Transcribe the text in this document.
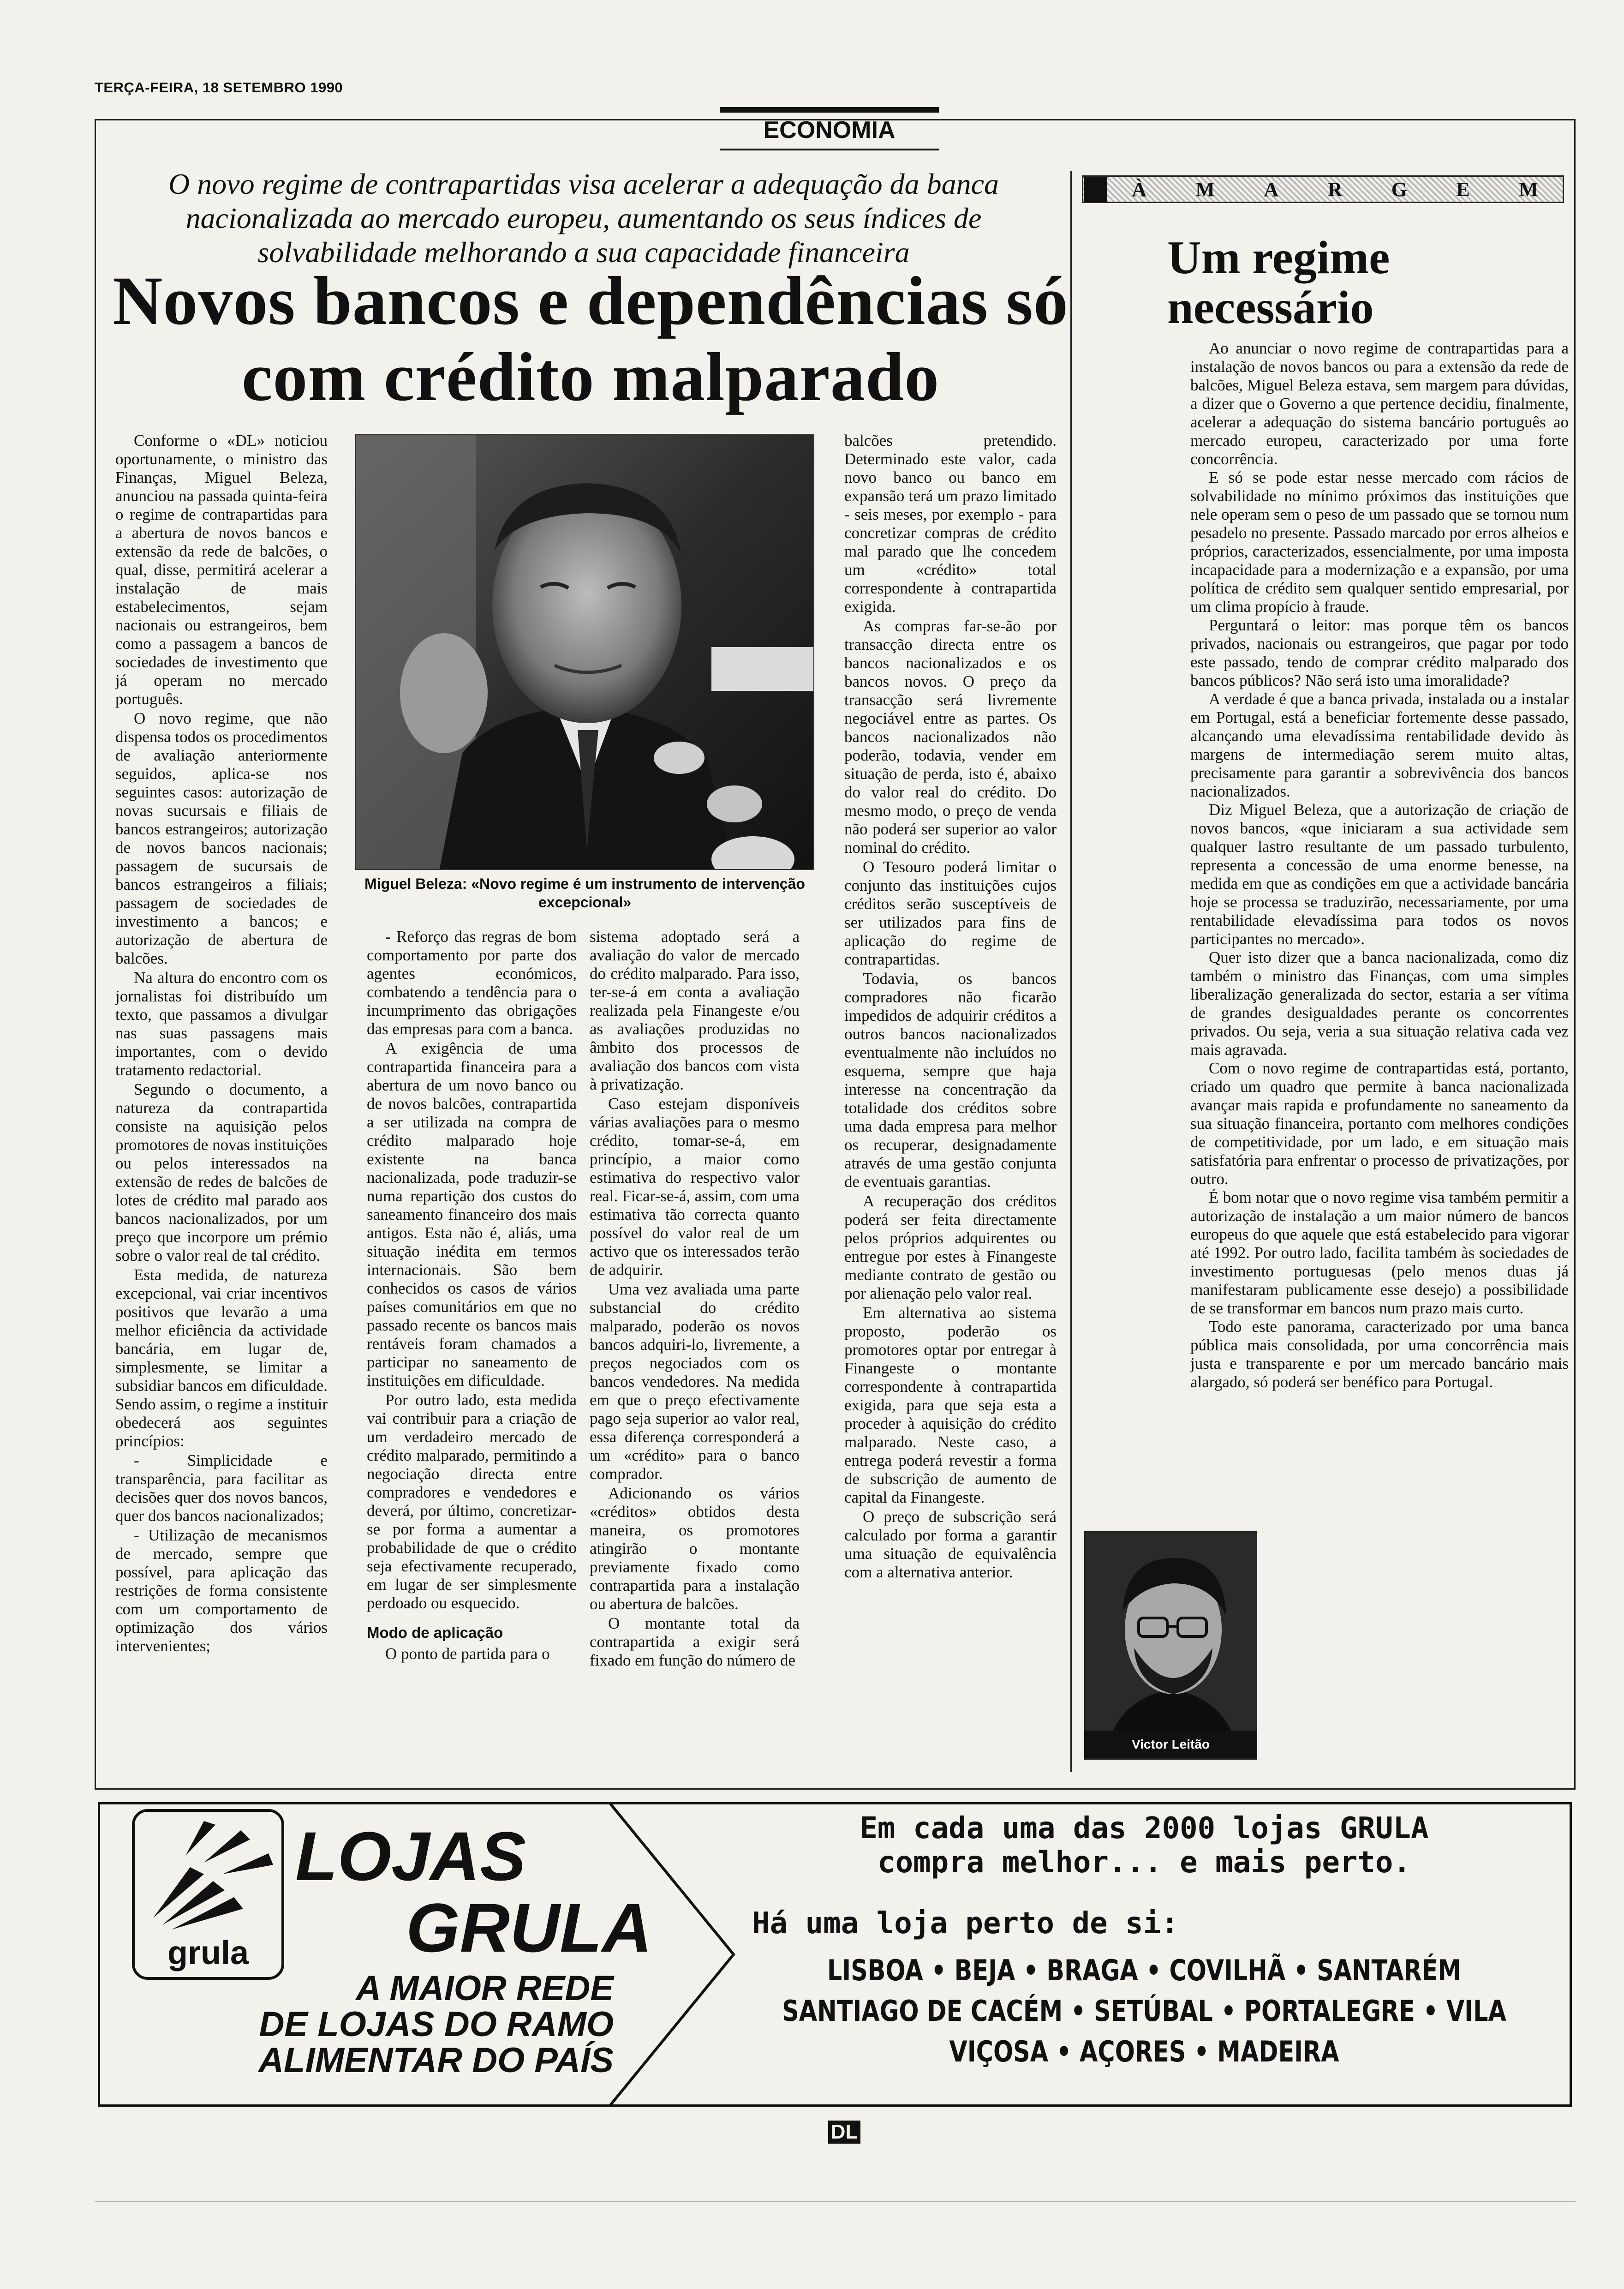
TERÇA-FEIRA, 18 SETEMBRO 1990
ECONOMIA
O novo regime de contrapartidas visa acelerar a adequação da banca nacionalizada ao mercado europeu, aumentando os seus índices de solvabilidade melhorando a sua capacidade financeira
Novos bancos e dependências só com crédito malparado

Conforme o «DL» noticiou oportunamente, o ministro das Finanças, Miguel Beleza, anunciou na passada quinta-feira o regime de contrapartidas para a abertura de novos bancos e extensão da rede de balcões, o qual, disse, permitirá acelerar a instalação de mais estabelecimentos, sejam nacionais ou estrangeiros, bem como a passagem a bancos de sociedades de investimento que já operam no mercado português.

O novo regime, que não dispensa todos os procedimentos de avaliação anteriormente seguidos, aplica-se nos seguintes casos: autorização de novas sucursais e filiais de bancos estrangeiros; autorização de novos bancos nacionais; passagem de sucursais de bancos estrangeiros a filiais; passagem de sociedades de investimento a bancos; e autorização de abertura de balcões.

Na altura do encontro com os jornalistas foi distribuído um texto, que passamos a divulgar nas suas passagens mais importantes, com o devido tratamento redactorial.

Segundo o documento, a natureza da contrapartida consiste na aquisição pelos promotores de novas instituições ou pelos interessados na extensão de redes de balcões de lotes de crédito mal parado aos bancos nacionalizados, por um preço que incorpore um prémio sobre o valor real de tal crédito.

Esta medida, de natureza excepcional, vai criar incentivos positivos que levarão a uma melhor eficiência da actividade bancária, em lugar de, simplesmente, se limitar a subsidiar bancos em dificuldade. Sendo assim, o regime a instituir obedecerá aos seguintes princípios:

- Simplicidade e transparência, para facilitar as decisões quer dos novos bancos, quer dos bancos nacionalizados;

- Utilização de mecanismos de mercado, sempre que possível, para aplicação das restrições de forma consistente com um comportamento de optimização dos vários intervenientes;

Miguel Beleza: «Novo regime é um instrumento de intervenção excepcional»

- Reforço das regras de bom comportamento por parte dos agentes económicos, combatendo a tendência para o incumprimento das obrigações das empresas para com a banca.

A exigência de uma contrapartida financeira para a abertura de um novo banco ou de novos balcões, contrapartida a ser utilizada na compra de crédito malparado hoje existente na banca nacionalizada, pode traduzir-se numa repartição dos custos do saneamento financeiro dos mais antigos. Esta não é, aliás, uma situação inédita em termos internacionais. São bem conhecidos os casos de vários países comunitários em que no passado recente os bancos mais rentáveis foram chamados a participar no saneamento de instituições em dificuldade.

Por outro lado, esta medida vai contribuir para a criação de um verdadeiro mercado de crédito malparado, permitindo a negociação directa entre compradores e vendedores e deverá, por último, concretizar-se por forma a aumentar a probabilidade de que o crédito seja efectivamente recuperado, em lugar de ser simplesmente perdoado ou esquecido.

Modo de aplicação

O ponto de partida para o

sistema adoptado será a avaliação do valor de mercado do crédito malparado. Para isso, ter-se-á em conta a avaliação realizada pela Finangeste e/ou as avaliações produzidas no âmbito dos processos de avaliação dos bancos com vista à privatização.

Caso estejam disponíveis várias avaliações para o mesmo crédito, tomar-se-á, em princípio, a maior como estimativa do respectivo valor real. Ficar-se-á, assim, com uma estimativa tão correcta quanto possível do valor real de um activo que os interessados terão de adquirir.

Uma vez avaliada uma parte substancial do crédito malparado, poderão os novos bancos adquiri-lo, livremente, a preços negociados com os bancos vendedores. Na medida em que o preço efectivamente pago seja superior ao valor real, essa diferença corresponderá a um «crédito» para o banco comprador.

Adicionando os vários «créditos» obtidos desta maneira, os promotores atingirão o montante previamente fixado como contrapartida para a instalação ou abertura de balcões.

O montante total da contrapartida a exigir será fixado em função do número de

balcões pretendido. Determinado este valor, cada novo banco ou banco em expansão terá um prazo limitado - seis meses, por exemplo - para concretizar compras de crédito mal parado que lhe concedem um «crédito» total correspondente à contrapartida exigida.

As compras far-se-ão por transacção directa entre os bancos nacionalizados e os bancos novos. O preço da transacção será livremente negociável entre as partes. Os bancos nacionalizados não poderão, todavia, vender em situação de perda, isto é, abaixo do valor real do crédito. Do mesmo modo, o preço de venda não poderá ser superior ao valor nominal do crédito.

O Tesouro poderá limitar o conjunto das instituições cujos créditos serão susceptíveis de ser utilizados para fins de aplicação do regime de contrapartidas.

Todavia, os bancos compradores não ficarão impedidos de adquirir créditos a outros bancos nacionalizados eventualmente não incluídos no esquema, sempre que haja interesse na concentração da totalidade dos créditos sobre uma dada empresa para melhor os recuperar, designadamente através de uma gestão conjunta de eventuais garantias.

A recuperação dos créditos poderá ser feita directamente pelos próprios adquirentes ou entregue por estes à Finangeste mediante contrato de gestão ou por alienação pelo valor real.

Em alternativa ao sistema proposto, poderão os promotores optar por entregar à Finangeste o montante correspondente à contrapartida exigida, para que seja esta a proceder à aquisição do crédito malparado. Neste caso, a entrega poderá revestir a forma de subscrição de aumento de capital da Finangeste.

O preço de subscrição será calculado por forma a garantir uma situação de equivalência com a alternativa anterior.

À M A R G E M
Um regime necessário

Ao anunciar o novo regime de contrapartidas para a instalação de novos bancos ou para a extensão da rede de balcões, Miguel Beleza estava, sem margem para dúvidas, a dizer que o Governo a que pertence decidiu, finalmente, acelerar a adequação do sistema bancário português ao mercado europeu, caracterizado por uma forte concorrência.

E só se pode estar nesse mercado com rácios de solvabilidade no mínimo próximos das instituições que nele operam sem o peso de um passado que se tornou num pesadelo no presente. Passado marcado por erros alheios e próprios, caracterizados, essencialmente, por uma imposta incapacidade para a modernização e a expansão, por uma política de crédito sem qualquer sentido empresarial, por um clima propício à fraude.

Perguntará o leitor: mas porque têm os bancos privados, nacionais ou estrangeiros, que pagar por todo este passado, tendo de comprar crédito malparado dos bancos públicos? Não será isto uma imoralidade?

A verdade é que a banca privada, instalada ou a instalar em Portugal, está a beneficiar fortemente desse passado, alcançando uma elevadíssima rentabilidade devido às margens de intermediação serem muito altas, precisamente para garantir a sobrevivência dos bancos nacionalizados.

Diz Miguel Beleza, que a autorização de criação de novos bancos, «que iniciaram a sua actividade sem qualquer lastro resultante de um passado turbulento, representa a concessão de uma enorme benesse, na medida em que as condições em que a actividade bancária hoje se processa se traduzirão, necessariamente, por uma rentabilidade elevadíssima para todos os novos participantes no mercado».

Quer isto dizer que a banca nacionalizada, como diz também o ministro das Finanças, com uma simples liberalização generalizada do sector, estaria a ser vítima de grandes desigualdades perante os concorrentes privados. Ou seja, veria a sua situação relativa cada vez mais agravada.

Com o novo regime de contrapartidas está, portanto, criado um quadro que permite à banca nacionalizada avançar mais rapida e profundamente no saneamento da sua situação financeira, portanto com melhores condições de competitividade, por um lado, e em situação mais satisfatória para enfrentar o processo de privatizações, por outro.

É bom notar que o novo regime visa também permitir a autorização de instalação a um maior número de bancos europeus do que aquele que está estabelecido para vigorar até 1992. Por outro lado, facilita também às sociedades de investimento portuguesas (pelo menos duas já manifestaram publicamente esse desejo) a possibilidade de se transformar em bancos num prazo mais curto.

Todo este panorama, caracterizado por uma banca pública mais consolidada, por uma concorrência mais justa e transparente e por um mercado bancário mais alargado, só poderá ser benéfico para Portugal.

Victor Leitão
grula
LOJAS
GRULA
A MAIOR REDE
DE LOJAS DO RAMO
ALIMENTAR DO PAÍS
Em cada uma das 2000 lojas GRULA
compra melhor... e mais perto.
Há uma loja perto de si:
LISBOA • BEJA • BRAGA • COVILHÃ • SANTARÉM
SANTIAGO DE CACÉM • SETÚBAL • PORTALEGRE • VILA
VIÇOSA • AÇORES • MADEIRA
DL
